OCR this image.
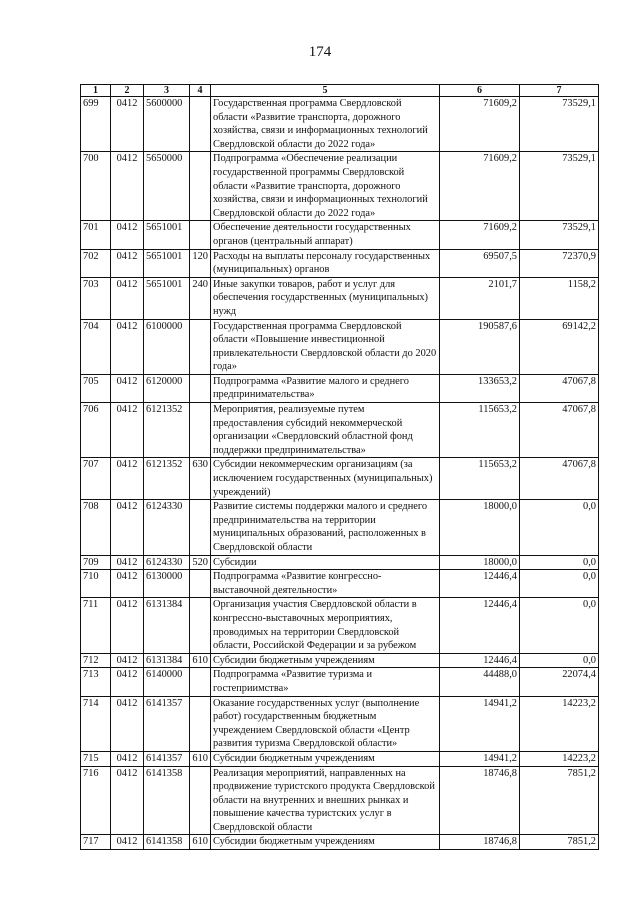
174
1	2	3	4	5	6	7
699	0412	5600000		Государственная программа Свердловской области «Развитие транспорта, дорожного хозяйства, связи и информационных технологий Свердловской области до 2022 года»	71609,2	73529,1
700	0412	5650000		Подпрограмма «Обеспечение реализации государственной программы Свердловской области «Развитие транспорта, дорожного хозяйства, связи и информационных технологий Свердловской области до 2022 года»	71609,2	73529,1
701	0412	5651001		Обеспечение деятельности государственных органов (центральный аппарат)	71609,2	73529,1
702	0412	5651001	120	Расходы на выплаты персоналу государственных (муниципальных) органов	69507,5	72370,9
703	0412	5651001	240	Иные закупки товаров, работ и услуг для обеспечения государственных (муниципальных) нужд	2101,7	1158,2
704	0412	6100000		Государственная программа Свердловской области «Повышение инвестиционной привлекательности Свердловской области до 2020 года»	190587,6	69142,2
705	0412	6120000		Подпрограмма «Развитие малого и среднего предпринимательства»	133653,2	47067,8
706	0412	6121352		Мероприятия, реализуемые путем предоставления субсидий некоммерческой организации «Свердловский областной фонд поддержки предпринимательства»	115653,2	47067,8
707	0412	6121352	630	Субсидии некоммерческим организациям (за исключением государственных (муниципальных) учреждений)	115653,2	47067,8
708	0412	6124330		Развитие системы поддержки малого и среднего предпринимательства на территории муниципальных образований, расположенных в Свердловской области	18000,0	0,0
709	0412	6124330	520	Субсидии	18000,0	0,0
710	0412	6130000		Подпрограмма «Развитие конгрессно-выставочной деятельности»	12446,4	0,0
711	0412	6131384		Организация участия Свердловской области в конгрессно-выставочных мероприятиях, проводимых на территории Свердловской области, Российской Федерации и за рубежом	12446,4	0,0
712	0412	6131384	610	Субсидии бюджетным учреждениям	12446,4	0,0
713	0412	6140000		Подпрограмма «Развитие туризма и гостеприимства»	44488,0	22074,4
714	0412	6141357		Оказание государственных услуг (выполнение работ) государственным бюджетным учреждением Свердловской области «Центр развития туризма Свердловской области»	14941,2	14223,2
715	0412	6141357	610	Субсидии бюджетным учреждениям	14941,2	14223,2
716	0412	6141358		Реализация мероприятий, направленных на продвижение туристского продукта Свердловской области на внутренних и внешних рынках и повышение качества туристских услуг в Свердловской области	18746,8	7851,2
717	0412	6141358	610	Субсидии бюджетным учреждениям	18746,8	7851,2
